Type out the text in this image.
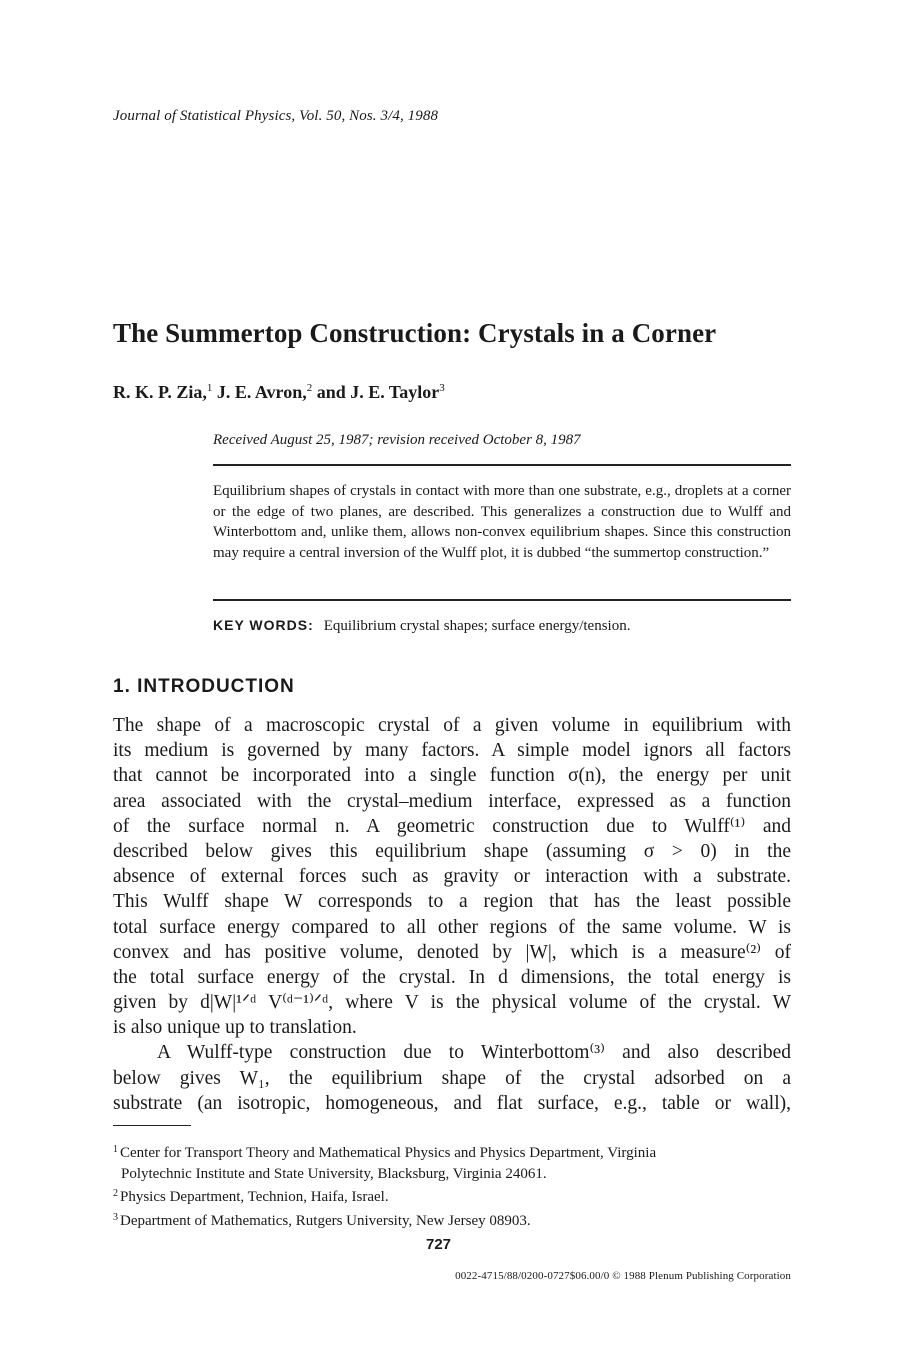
Journal of Statistical Physics, Vol. 50, Nos. 3/4, 1988
The Summertop Construction: Crystals in a Corner
R. K. P. Zia,$^1$ J. E. Avron,$^2$ and J. E. Taylor$^3$
Received August 25, 1987; revision received October 8, 1987
Equilibrium shapes of crystals in contact with more than one substrate, e.g., droplets at a corner or the edge of two planes, are described. This generalizes a construction due to Wulff and Winterbottom and, unlike them, allows non-convex equilibrium shapes. Since this construction may require a central inversion of the Wulff plot, it is dubbed “the summertop construction.”
KEY WORDS: Equilibrium crystal shapes; surface energy/tension.
1. INTRODUCTION
The shape of a macroscopic crystal of a given volume in equilibrium with
its medium is governed by many factors. A simple model ignors all factors
that cannot be incorporated into a single function σ(n), the energy per unit
area associated with the crystal–medium interface, expressed as a function
of the surface normal n. A geometric construction due to Wulff⁽¹⁾ and
described below gives this equilibrium shape (assuming σ > 0) in the
absence of external forces such as gravity or interaction with a substrate.
This Wulff shape W corresponds to a region that has the least possible
total surface energy compared to all other regions of the same volume. W is
convex and has positive volume, denoted by |W|, which is a measure⁽²⁾ of
the total surface energy of the crystal. In d dimensions, the total energy is
given by d|W|¹ᐟᵈ V⁽ᵈ⁻¹⁾ᐟᵈ, where V is the physical volume of the crystal. W
is also unique up to translation.
A Wulff-type construction due to Winterbottom⁽³⁾ and also described
below gives W₁, the equilibrium shape of the crystal adsorbed on a
substrate (an isotropic, homogeneous, and flat surface, e.g., table or wall),
$^1$ Center for Transport Theory and Mathematical Physics and Physics Department, Virginia
Polytechnic Institute and State University, Blacksburg, Virginia 24061.
$^2$ Physics Department, Technion, Haifa, Israel.
$^3$ Department of Mathematics, Rutgers University, New Jersey 08903.
727
0022-4715/88/0200-0727$06.00/0 © 1988 Plenum Publishing Corporation
